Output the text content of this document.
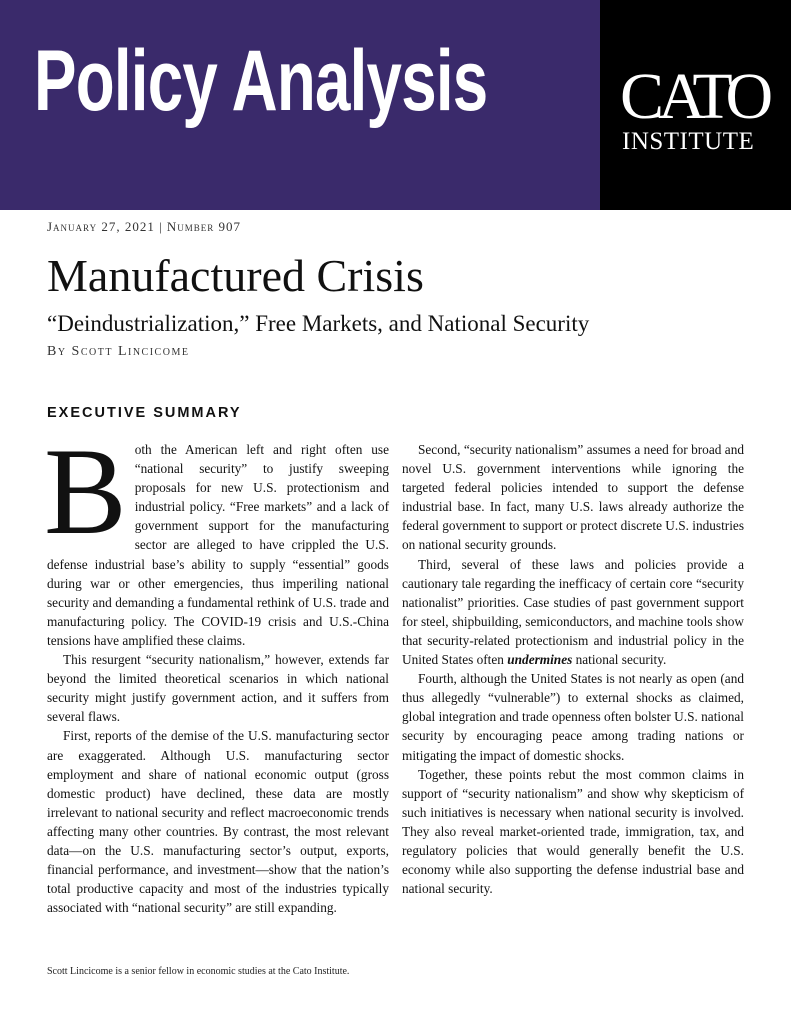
Policy Analysis CATO
INSTITUTE
January 27, 2021 | Number 907
Manufactured Crisis
“Deindustrialization,” Free Markets, and National Security
By Scott Lincicome
EXECUTIVE SUMMARY

Both the American left and right often use “national security” to justify sweeping proposals for new U.S. protectionism and industrial policy. “Free markets” and a lack of government support for the manufacturing sector are alleged to have crippled the U.S. defense industrial base’s ability to supply “essential” goods during war or other emergencies, thus imperiling national security and demanding a fundamental rethink of U.S. trade and manufacturing policy. The COVID-19 crisis and U.S.-China tensions have amplified these claims.

This resurgent “security nationalism,” however, extends far beyond the limited theoretical scenarios in which national security might justify government action, and it suffers from several flaws.

First, reports of the demise of the U.S. manufacturing sector are exaggerated. Although U.S. manufacturing sector employment and share of national economic output (gross domestic product) have declined, these data are mostly irrelevant to national security and reflect macroeconomic trends affecting many other countries. By contrast, the most relevant data—on the U.S. manufacturing sector’s output, exports, financial performance, and investment—show that the nation’s total productive capacity and most of the industries typically associated with “national security” are still expanding.

Second, “security nationalism” assumes a need for broad and novel U.S. government interventions while ignoring the targeted federal policies intended to support the defense industrial base. In fact, many U.S. laws already authorize the federal government to support or protect discrete U.S. industries on national security grounds.

Third, several of these laws and policies provide a cautionary tale regarding the inefficacy of certain core “security nationalist” priorities. Case studies of past government support for steel, shipbuilding, semiconductors, and machine tools show that security-related protectionism and industrial policy in the United States often undermines national security.

Fourth, although the United States is not nearly as open (and thus allegedly “vulnerable”) to external shocks as claimed, global integration and trade openness often bolster U.S. national security by encouraging peace among trading nations or mitigating the impact of domestic shocks.

Together, these points rebut the most common claims in support of “security nationalism” and show why skepticism of such initiatives is necessary when national security is involved. They also reveal market-oriented trade, immigration, tax, and regulatory policies that would generally benefit the U.S. economy while also supporting the defense industrial base and national security.

Scott Lincicome is a senior fellow in economic studies at the Cato Institute.
